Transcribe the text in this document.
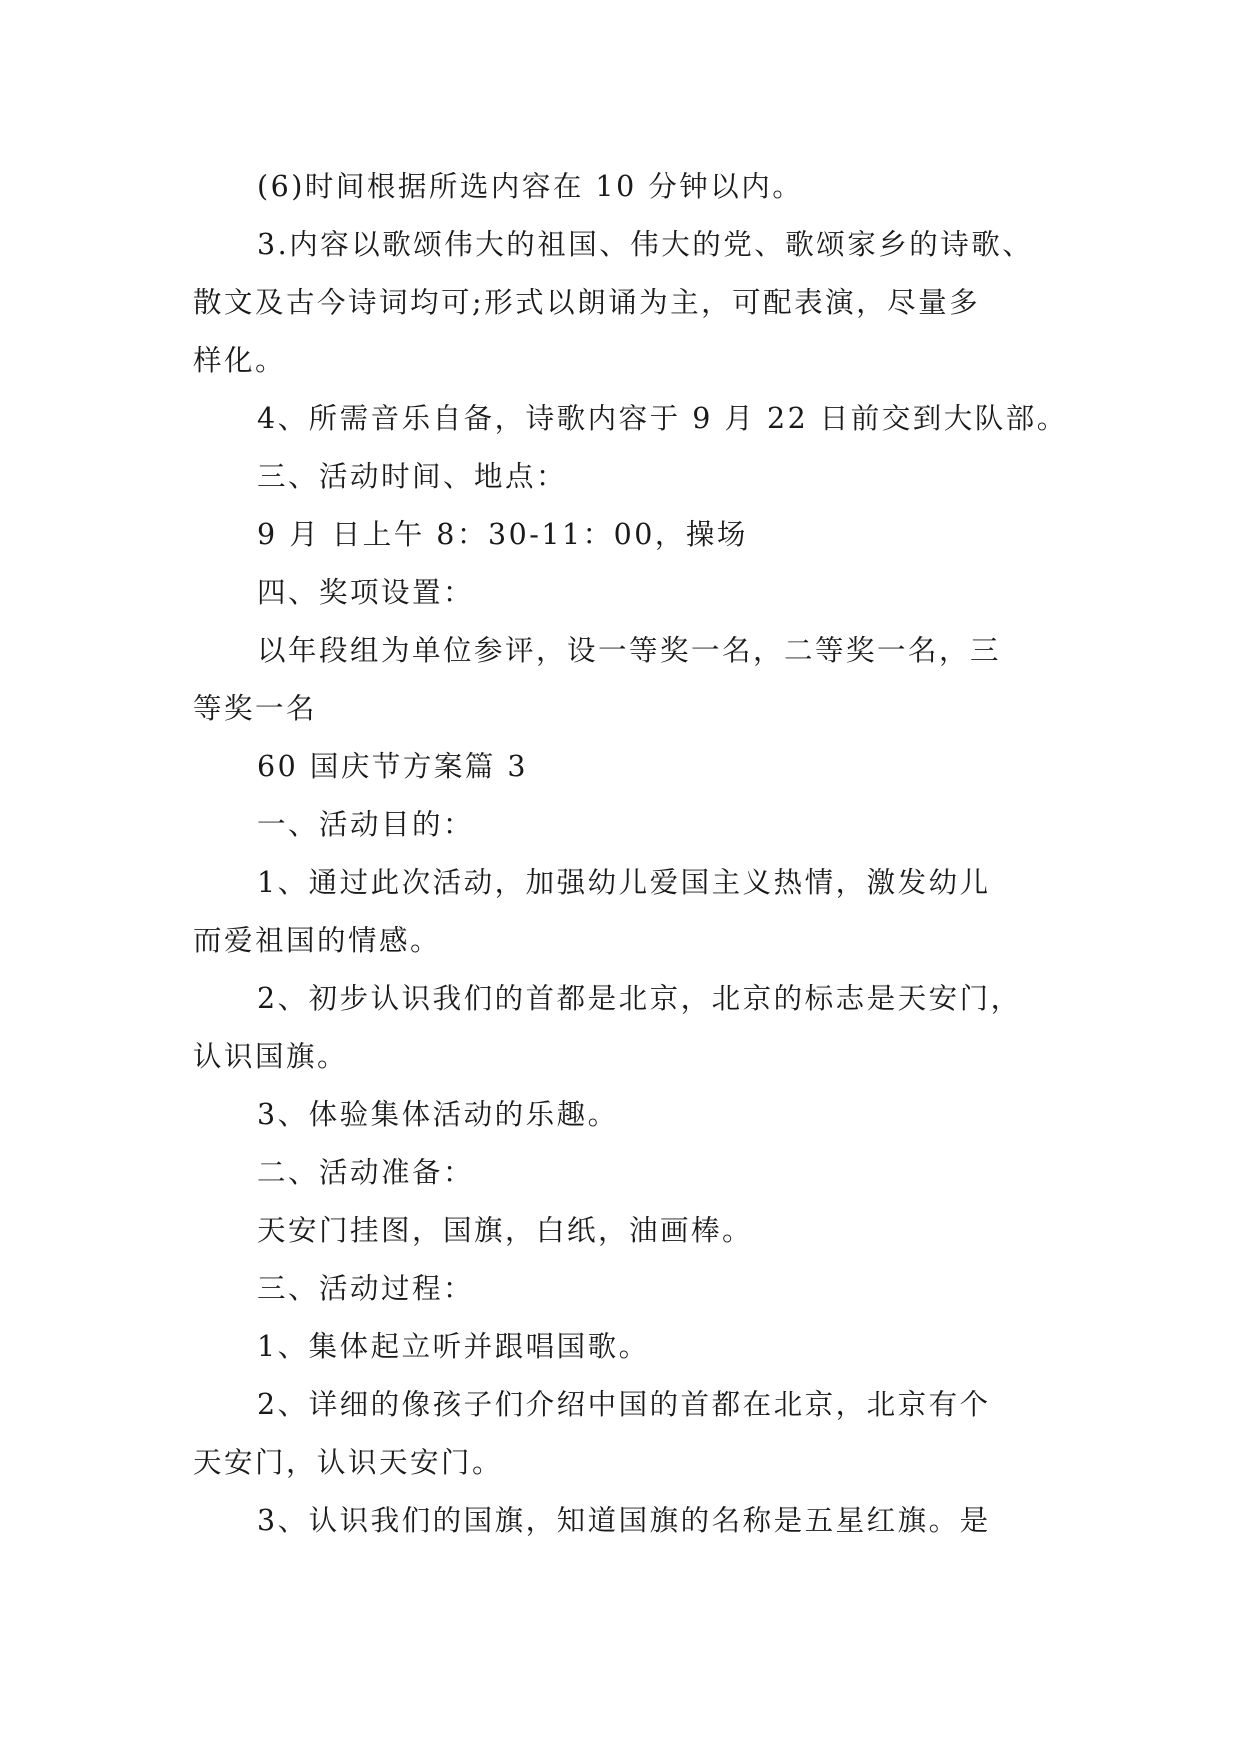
(6)时间根据所选内容在 10 分钟以内。

3.内容以歌颂伟大的祖国、伟大的党、歌颂家乡的诗歌、

散文及古今诗词均可;形式以朗诵为主，可配表演，尽量多

样化。

4、所需音乐自备，诗歌内容于 9 月 22 日前交到大队部。

三、活动时间、地点：

9 月 日上午 8：30-11：00，操场

四、奖项设置：

以年段组为单位参评，设一等奖一名，二等奖一名，三

等奖一名

60 国庆节方案篇 3

一、活动目的：

1、通过此次活动，加强幼儿爱国主义热情，激发幼儿

而爱祖国的情感。

2、初步认识我们的首都是北京，北京的标志是天安门，

认识国旗。

3、体验集体活动的乐趣。

二、活动准备：

天安门挂图，国旗，白纸，油画棒。

三、活动过程：

1、集体起立听并跟唱国歌。

2、详细的像孩子们介绍中国的首都在北京，北京有个

天安门，认识天安门。

3、认识我们的国旗，知道国旗的名称是五星红旗。是
